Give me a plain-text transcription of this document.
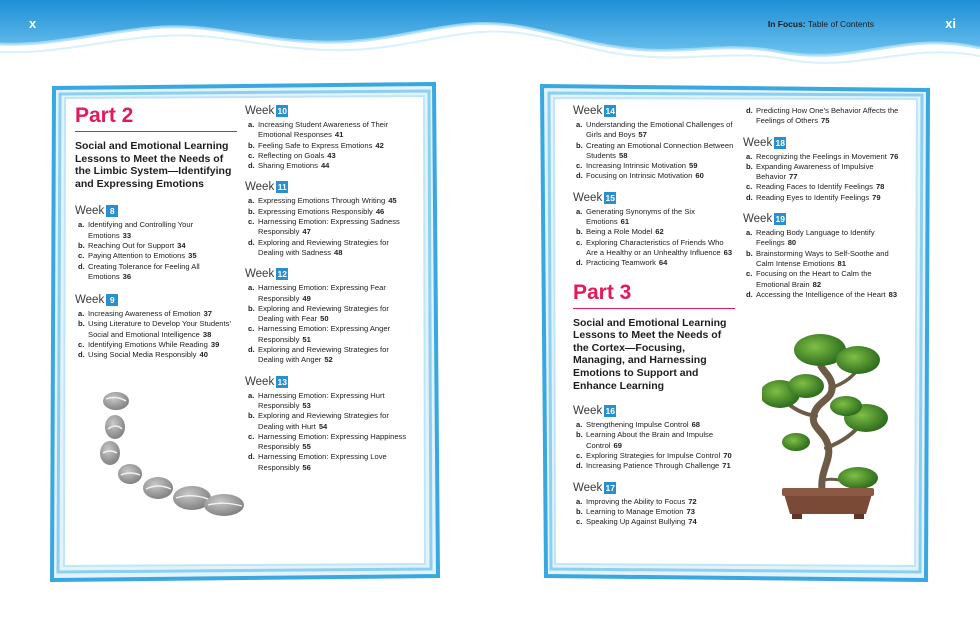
x	xi
In Focus: Table of Contents
Part 2
Social and Emotional Learning Lessons to Meet the Needs of the Limbic System—Identifying and Expressing Emotions
Week 8
a. Identifying and Controlling Your Emotions 33
b. Reaching Out for Support 34
c. Paying Attention to Emotions 35
d. Creating Tolerance for Feeling All Emotions 36
Week 9
a. Increasing Awareness of Emotion 37
b. Using Literature to Develop Your Students’ Social and Emotional Intelligence 38
c. Identifying Emotions While Reading 39
d. Using Social Media Responsibly 40
Week 10
a. Increasing Student Awareness of Their Emotional Responses 41
b. Feeling Safe to Express Emotions 42
c. Reflecting on Goals 43
d. Sharing Emotions 44
Week 11
a. Expressing Emotions Through Writing 45
b. Expressing Emotions Responsibly 46
c. Harnessing Emotion: Expressing Sadness Responsibly 47
d. Exploring and Reviewing Strategies for Dealing with Sadness 48
Week 12
a. Harnessing Emotion: Expressing Fear Responsibly 49
b. Exploring and Reviewing Strategies for Dealing with Fear 50
c. Harnessing Emotion: Expressing Anger Responsibly 51
d. Exploring and Reviewing Strategies for Dealing with Anger 52
Week 13
a. Harnessing Emotion: Expressing Hurt Responsibly 53
b. Exploring and Reviewing Strategies for Dealing with Hurt 54
c. Harnessing Emotion: Expressing Happiness Responsibly 55
d. Harnessing Emotion: Expressing Love Responsibly 56
Week 14
a. Understanding the Emotional Challenges of Girls and Boys 57
b. Creating an Emotional Connection Between Students 58
c. Increasing Intrinsic Motivation 59
d. Focusing on Intrinsic Motivation 60
Week 15
a. Generating Synonyms of the Six Emotions 61
b. Being a Role Model 62
c. Exploring Characteristics of Friends Who Are a Healthy or an Unhealthy Influence 63
d. Practicing Teamwork 64
Part 3
Social and Emotional Learning Lessons to Meet the Needs of the Cortex—Focusing, Managing, and Harnessing Emotions to Support and Enhance Learning
Week 16
a. Strengthening Impulse Control 68
b. Learning About the Brain and Impulse Control 69
c. Exploring Strategies for Impulse Control 70
d. Increasing Patience Through Challenge 71
Week 17
a. Improving the Ability to Focus 72
b. Learning to Manage Emotion 73
c. Speaking Up Against Bullying 74
d. Predicting How One’s Behavior Affects the Feelings of Others 75
Week 18
a. Recognizing the Feelings in Movement 76
b. Expanding Awareness of Impulsive Behavior 77
c. Reading Faces to Identify Feelings 78
d. Reading Eyes to Identify Feelings 79
Week 19
a. Reading Body Language to Identify Feelings 80
b. Brainstorming Ways to Self-Soothe and Calm Intense Emotions 81
c. Focusing on the Heart to Calm the Emotional Brain 82
d. Accessing the Intelligence of the Heart 83
